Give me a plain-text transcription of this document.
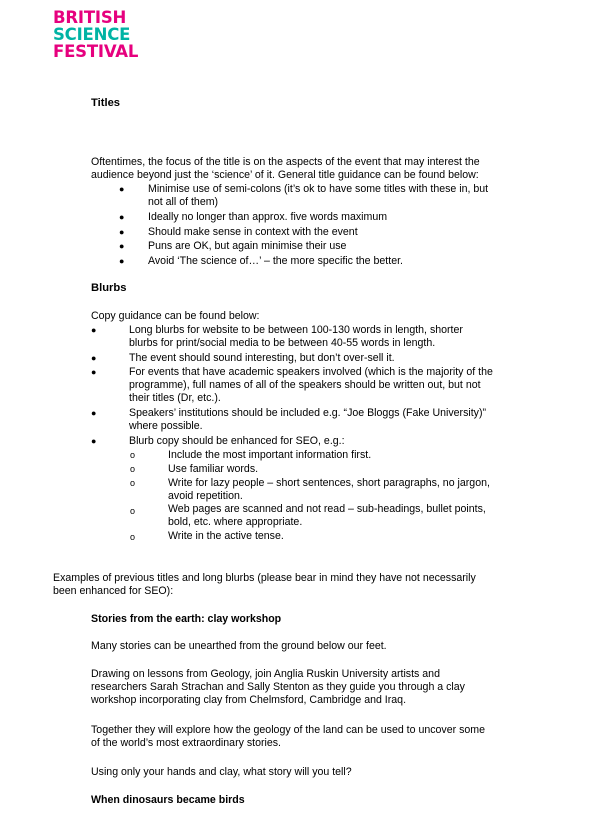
BRITISH
SCIENCE
FESTIVAL
Titles
Oftentimes, the focus of the title is on the aspects of the event that may interest the
audience beyond just the ‘science’ of it. General title guidance can be found below:
● Minimise use of semi-colons (it’s ok to have some titles with these in, but
not all of them)
● Ideally no longer than approx. five words maximum
● Should make sense in context with the event
● Puns are OK, but again minimise their use
● Avoid ‘The science of…’ – the more specific the better.
Blurbs
Copy guidance can be found below:
●	Long blurbs for website to be between 100-130 words in length, shorter
blurbs for print/social media to be between 40-55 words in length.
●	The event should sound interesting, but don’t over-sell it.
●	For events that have academic speakers involved (which is the majority of the
programme), full names of all of the speakers should be written out, but not
their titles (Dr, etc.).
●	Speakers’ institutions should be included e.g. “Joe Bloggs (Fake University)”
where possible.
●	Blurb copy should be enhanced for SEO, e.g.:
o	Include the most important information first.
o	Use familiar words.
o	Write for lazy people – short sentences, short paragraphs, no jargon,
avoid repetition.
o	Web pages are scanned and not read – sub-headings, bullet points,
bold, etc. where appropriate.
o	Write in the active tense.
Examples of previous titles and long blurbs (please bear in mind they have not necessarily
been enhanced for SEO):
Stories from the earth: clay workshop
Many stories can be unearthed from the ground below our feet.
Drawing on lessons from Geology, join Anglia Ruskin University artists and
researchers Sarah Strachan and Sally Stenton as they guide you through a clay
workshop incorporating clay from Chelmsford, Cambridge and Iraq.
Together they will explore how the geology of the land can be used to uncover some
of the world’s most extraordinary stories.
Using only your hands and clay, what story will you tell?
When dinosaurs became birds
